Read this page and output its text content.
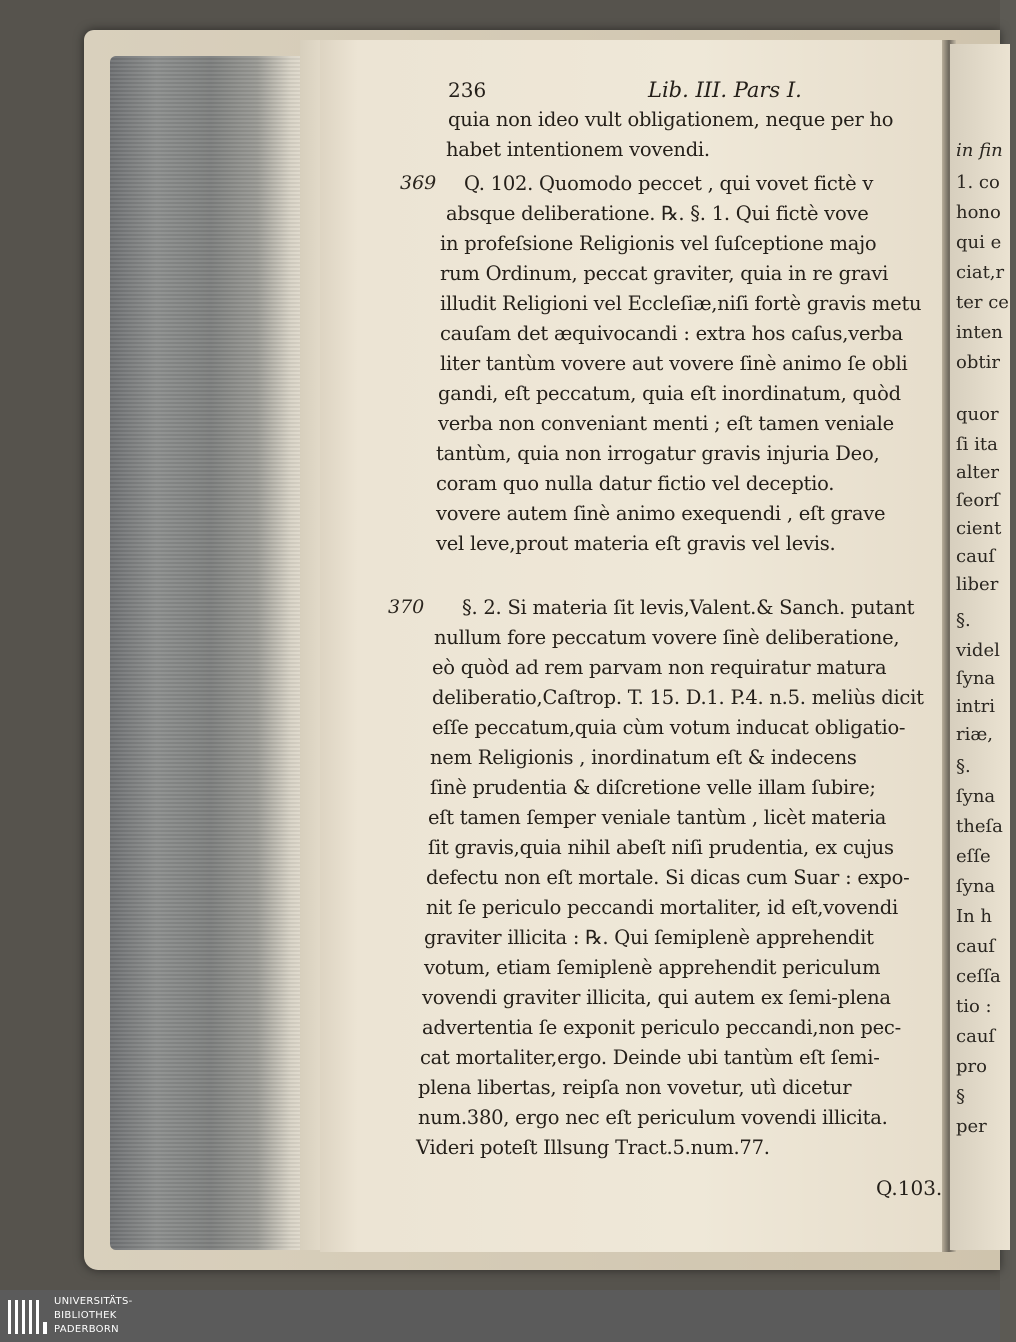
236	Lib. III. Pars I.
369
370
quia non ideo vult obligationem, neque per ho
habet intentionem vovendi.
Q. 102. Quomodo peccet , qui vovet fictè v
absque deliberatione. ℞. §. 1. Qui fictè vove
in profeſsione Religionis vel ſuſceptione majo
rum Ordinum, peccat graviter, quia in re gravi
illudit Religioni vel Eccleſiæ,niſi fortè gravis metu
cauſam det æquivocandi : extra hos caſus,verba
liter tantùm vovere aut vovere ſinè animo ſe obli
gandi, eſt peccatum, quia eſt inordinatum, quòd
verba non conveniant menti ; eſt tamen veniale
tantùm, quia non irrogatur gravis injuria Deo,
coram quo nulla datur fictio vel deceptio.
vovere autem ſinè animo exequendi , eſt grave
vel leve,prout materia eſt gravis vel levis.
§. 2. Si materia ſit levis,Valent.& Sanch. putant
nullum fore peccatum vovere ſinè deliberatione,
eò quòd ad rem parvam non requiratur matura
deliberatio,Caſtrop. T. 15. D.1. P.4. n.5. meliùs dicit
eſſe peccatum,quia cùm votum inducat obligatio-
nem Religionis , inordinatum eſt & indecens
ſinè prudentia & diſcretione velle illam ſubire;
eſt tamen ſemper veniale tantùm , licèt materia
ſit gravis,quia nihil abeſt niſi prudentia, ex cujus
defectu non eſt mortale. Si dicas cum Suar : expo-
nit ſe periculo peccandi mortaliter, id eſt,vovendi
graviter illicita : ℞. Qui ſemiplenè apprehendit
votum, etiam ſemiplenè apprehendit periculum
vovendi graviter illicita, qui autem ex ſemi-plena
advertentia ſe exponit periculo peccandi,non pec-
cat mortaliter,ergo. Deinde ubi tantùm eſt ſemi-
plena libertas, reipſa non vovetur, utì dicetur
num.380, ergo nec eſt periculum vovendi illicita.
Videri poteſt Illsung Tract.5.num.77.
Q.103.
in fin
1. co
hono
qui e
ciat,r
ter ce
inten
obtir
quor
ſi ita
alter
ſeorſ
cient
cauſ
liber
§.
videl
ſyna
intri
riæ,
§.
ſyna
theſa
eſſe
ſyna
In h
cauſ
ceſſa
tio :
cauſ
pro
§
per
UNIVERSITÄTS-
BIBLIOTHEK
PADERBORN
